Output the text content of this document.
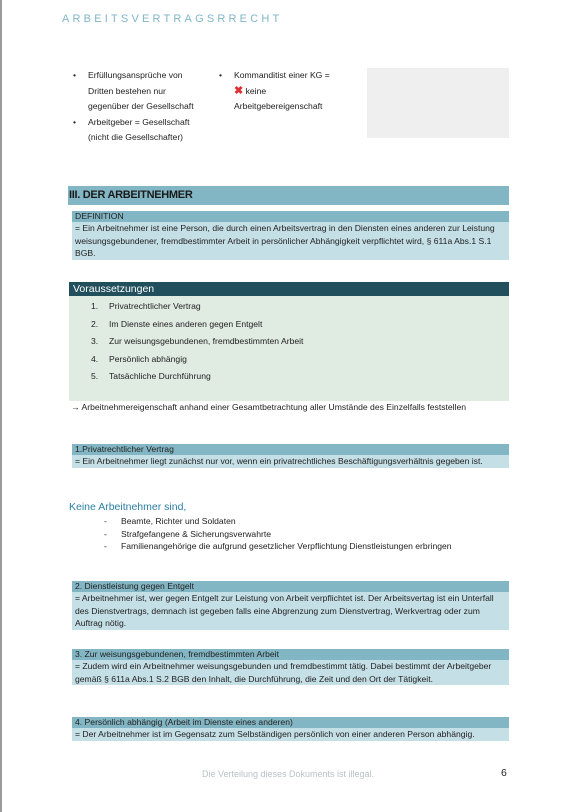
ARBEITSVERTRAGSRRECHT
• Erfüllungsansprüche von Dritten bestehen nur gegenüber der Gesellschaft
• Arbeitgeber = Gesellschaft (nicht die Gesellschafter)
• Kommanditist einer KG =
✖ keine
Arbeitgebereigenschaft
III. DER ARBEITNEHMER
DEFINITION
= Ein Arbeitnehmer ist eine Person, die durch einen Arbeitsvertrag in den Diensten eines anderen zur Leistung weisungsgebundener, fremdbestimmter Arbeit in persönlicher Abhängigkeit verpflichtet wird, § 611a Abs.1 S.1 BGB.
Voraussetzungen
1. Privatrechtlicher Vertrag
2. Im Dienste eines anderen gegen Entgelt
3. Zur weisungsgebundenen, fremdbestimmten Arbeit
4. Persönlich abhängig
5. Tatsächliche Durchführung
→ Arbeitnehmereigenschaft anhand einer Gesamtbetrachtung aller Umstände des Einzelfalls feststellen
1.Privatrechtlicher Vertrag
= Ein Arbeitnehmer liegt zunächst nur vor, wenn ein privatrechtliches Beschäftigungsverhältnis gegeben ist.
Keine Arbeitnehmer sind,
- Beamte, Richter und Soldaten
- Strafgefangene & Sicherungsverwahrte
- Familienangehörige die aufgrund gesetzlicher Verpflichtung Dienstleistungen erbringen
2. Dienstleistung gegen Entgelt
= Arbeitnehmer ist, wer gegen Entgelt zur Leistung von Arbeit verpflichtet ist. Der Arbeitsvertag ist ein Unterfall des Dienstvertrags, demnach ist gegeben falls eine Abgrenzung zum Dienstvertrag, Werkvertrag oder zum Auftrag nötig.
3. Zur weisungsgebundenen, fremdbestimmten Arbeit
= Zudem wird ein Arbeitnehmer weisungsgebunden und fremdbestimmt tätig. Dabei bestimmt der Arbeitgeber gemäß § 611a Abs.1 S.2 BGB den Inhalt, die Durchführung, die Zeit und den Ort der Tätigkeit.
4. Persönlich abhängig (Arbeit im Dienste eines anderen)
= Der Arbeitnehmer ist im Gegensatz zum Selbständigen persönlich von einer anderen Person abhängig.
Die Verteilung dieses Dokuments ist illegal.	6
